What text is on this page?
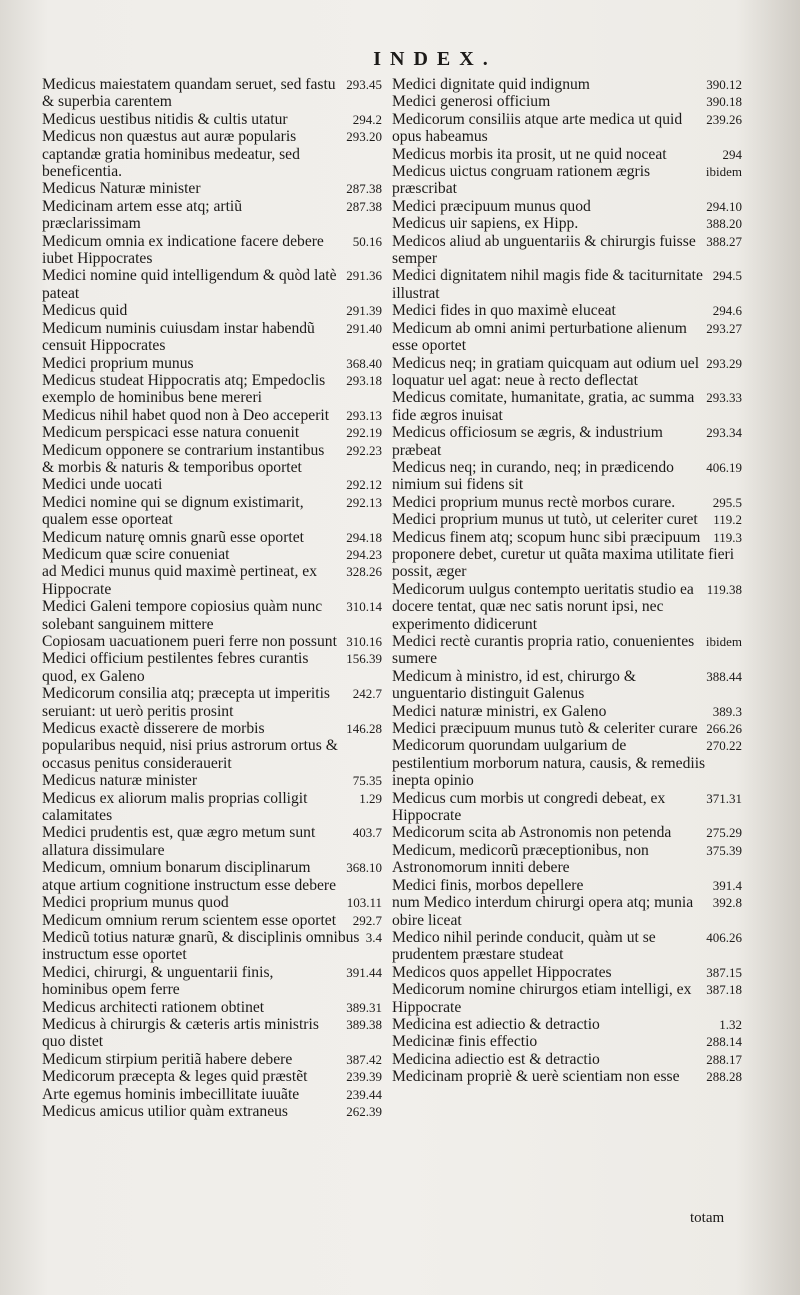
INDEX.

293.45
Medicus maiestatem quandam seruet, sed fastu & superbia carentem

294.2
Medicus uestibus nitidis & cultis utatur

293.20
Medicus non quæstus aut auræ popularis captandæ gratia hominibus medeatur, sed beneficentia.

287.38
Medicus Naturæ minister

287.38
Medicinam artem esse atq; artiũ præclarissimam

50.16
Medicum omnia ex indicatione facere debere iubet Hippocrates

291.36
Medici nomine quid intelligendum & quòd latè pateat

291.39
Medicus quid

291.40
Medicum numinis cuiusdam instar habendũ censuit Hippocrates

368.40
Medici proprium munus

293.18
Medicus studeat Hippocratis atq; Empedoclis exemplo de hominibus bene mereri

293.13
Medicus nihil habet quod non à Deo acceperit

292.19
Medicum perspicaci esse natura conuenit

292.23
Medicum opponere se contrarium instantibus & morbis & naturis & temporibus oportet

292.12
Medici unde uocati

292.13
Medici nomine qui se dignum existimarit, qualem esse oporteat

294.18
Medicum naturę omnis gnarũ esse oportet

294.23
Medicum quæ scire conueniat

328.26
ad Medici munus quid maximè pertineat, ex Hippocrate

310.14
Medici Galeni tempore copiosius quàm nunc solebant sanguinem mittere

310.16
Copiosam uacuationem pueri ferre non possunt

156.39
Medici officium pestilentes febres curantis quod, ex Galeno

242.7
Medicorum consilia atq; præcepta ut imperitis seruiant: ut uerò peritis prosint

146.28
Medicus exactè disserere de morbis popularibus nequid, nisi prius astrorum ortus & occasus penitus considerauerit

75.35
Medicus naturæ minister

1.29
Medicus ex aliorum malis proprias colligit calamitates

403.7
Medici prudentis est, quæ ægro metum sunt allatura dissimulare

368.10
Medicum, omnium bonarum disciplinarum atque artium cognitione instructum esse debere

103.11
Medici proprium munus quod

292.7
Medicum omnium rerum scientem esse oportet

3.4
Medicũ totius naturæ gnarũ, & disciplinis omnibus instructum esse oportet

391.44
Medici, chirurgi, & unguentarii finis, hominibus opem ferre

389.31
Medicus architecti rationem obtinet

389.38
Medicus à chirurgis & cæteris artis ministris quo distet

387.42
Medicum stirpium peritiã habere debere

239.39
Medicorum præcepta & leges quid præstẽt

239.44
Arte egemus hominis imbecillitate iuuãte

262.39
Medicus amicus utilior quàm extraneus

390.12
Medici dignitate quid indignum

390.18
Medici generosi officium

239.26
Medicorum consiliis atque arte medica ut quid opus habeamus

294
Medicus morbis ita prosit, ut ne quid noceat

ibidem
Medicus uictus congruam rationem ægris præscribat

294.10
Medici præcipuum munus quod

388.20
Medicus uir sapiens, ex Hipp.

388.27
Medicos aliud ab unguentariis & chirurgis fuisse semper

294.5
Medici dignitatem nihil magis fide & taciturnitate illustrat

294.6
Medici fides in quo maximè eluceat

293.27
Medicum ab omni animi perturbatione alienum esse oportet

293.29
Medicus neq; in gratiam quicquam aut odium uel loquatur uel agat: neue à recto deflectat

293.33
Medicus comitate, humanitate, gratia, ac summa fide ægros inuisat

293.34
Medicus officiosum se ægris, & industrium præbeat

406.19
Medicus neq; in curando, neq; in prædicendo nimium sui fidens sit

295.5
Medici proprium munus rectè morbos curare.

119.2
Medici proprium munus ut tutò, ut celeriter curet

119.3
Medicus finem atq; scopum hunc sibi præcipuum proponere debet, curetur ut quãta maxima utilitate fieri possit, æger

119.38
Medicorum uulgus contempto ueritatis studio ea docere tentat, quæ nec satis norunt ipsi, nec experimento didicerunt

ibidem
Medici rectè curantis propria ratio, conuenientes sumere

388.44
Medicum à ministro, id est, chirurgo & unguentario distinguit Galenus

389.3
Medici naturæ ministri, ex Galeno

266.26
Medici præcipuum munus tutò & celeriter curare

270.22
Medicorum quorundam uulgarium de pestilentium morborum natura, causis, & remediis inepta opinio

371.31
Medicus cum morbis ut congredi debeat, ex Hippocrate

275.29
Medicorum scita ab Astronomis non petenda

375.39
Medicum, medicorũ præceptionibus, non Astronomorum inniti debere

391.4
Medici finis, morbos depellere

392.8
num Medico interdum chirurgi opera atq; munia obire liceat

406.26
Medico nihil perinde conducit, quàm ut se prudentem præstare studeat

387.15
Medicos quos appellet Hippocrates

387.18
Medicorum nomine chirurgos etiam intelligi, ex Hippocrate

1.32
Medicina est adiectio & detractio

288.14
Medicinæ finis effectio

288.17
Medicina adiectio est & detractio

288.28
Medicinam propriè & uerè scientiam non esse

totam
